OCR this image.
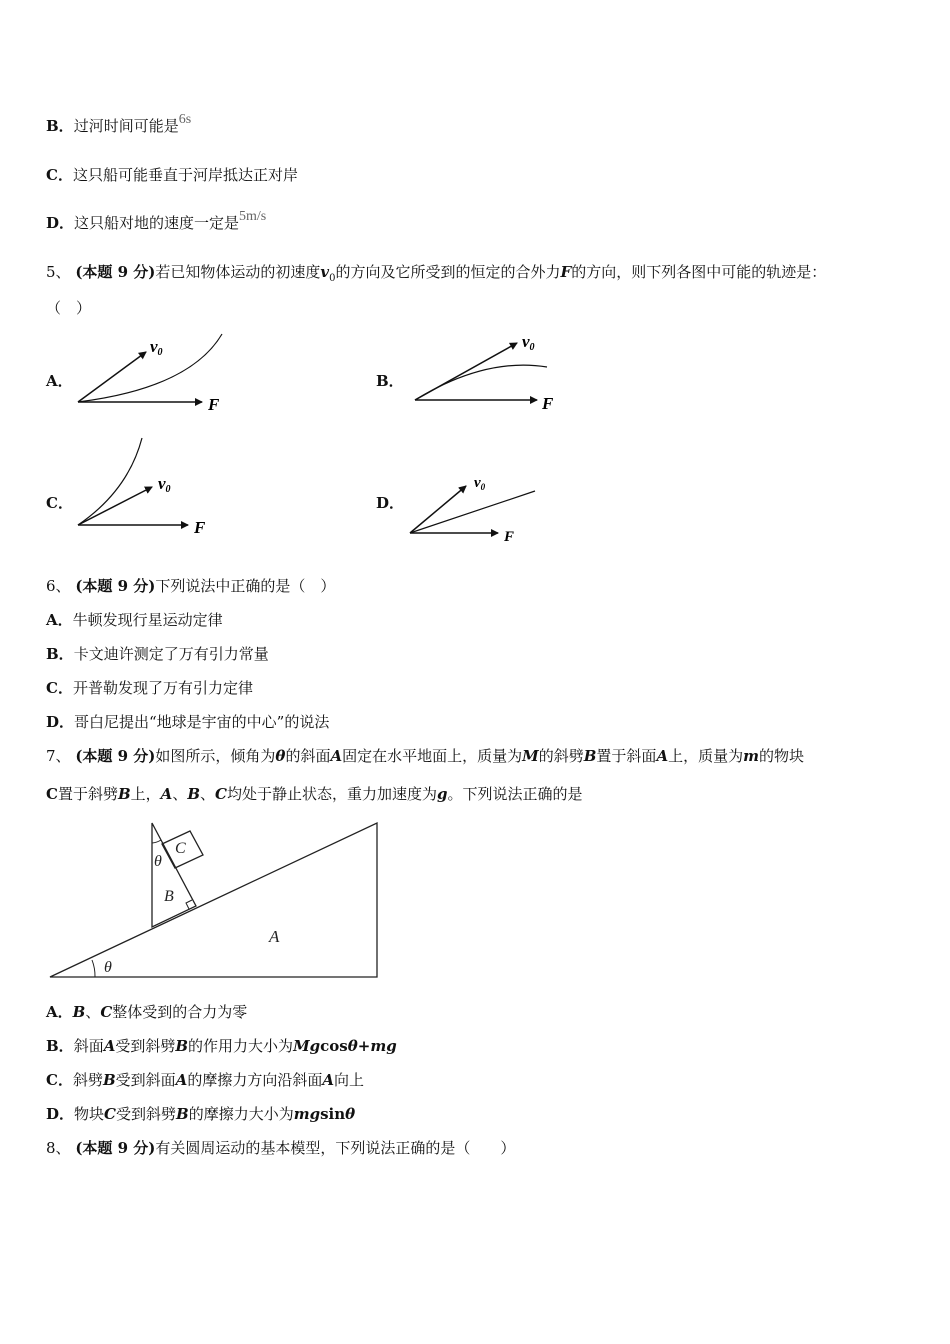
B．过河时间可能是6s
C．这只船可能垂直于河岸抵达正对岸
D．这只船对地的速度一定是5m/s
5、 (本题 9 分)若已知物体运动的初速度$v_0$的方向及它所受到的恒定的合外力F的方向，则下列各图中可能的轨迹是：
（　）
A．	B．
C．	D．
v0
F
v0
F
v0
F
$v_0$
F
6、 (本题 9 分)下列说法中正确的是（　）
A．牛顿发现行星运动定律
B．卡文迪许测定了万有引力常量
C．开普勒发现了万有引力定律
D．哥白尼提出“地球是宇宙的中心”的说法
7、 (本题 9 分)如图所示，倾角为θ的斜面A固定在水平地面上，质量为M的斜劈B置于斜面A上，质量为m的物块
C置于斜劈B上，A、B、C均处于静止状态，重力加速度为g。下列说法正确的是
C
θ
B
A
θ
A．B、C整体受到的合力为零
B．斜面A受到斜劈B的作用力大小为Mgcosθ+mg
C．斜劈B受到斜面A的摩擦力方向沿斜面A向上
D．物块C受到斜劈B的摩擦力大小为mgsinθ
8、 (本题 9 分)有关圆周运动的基本模型，下列说法正确的是（　　）
